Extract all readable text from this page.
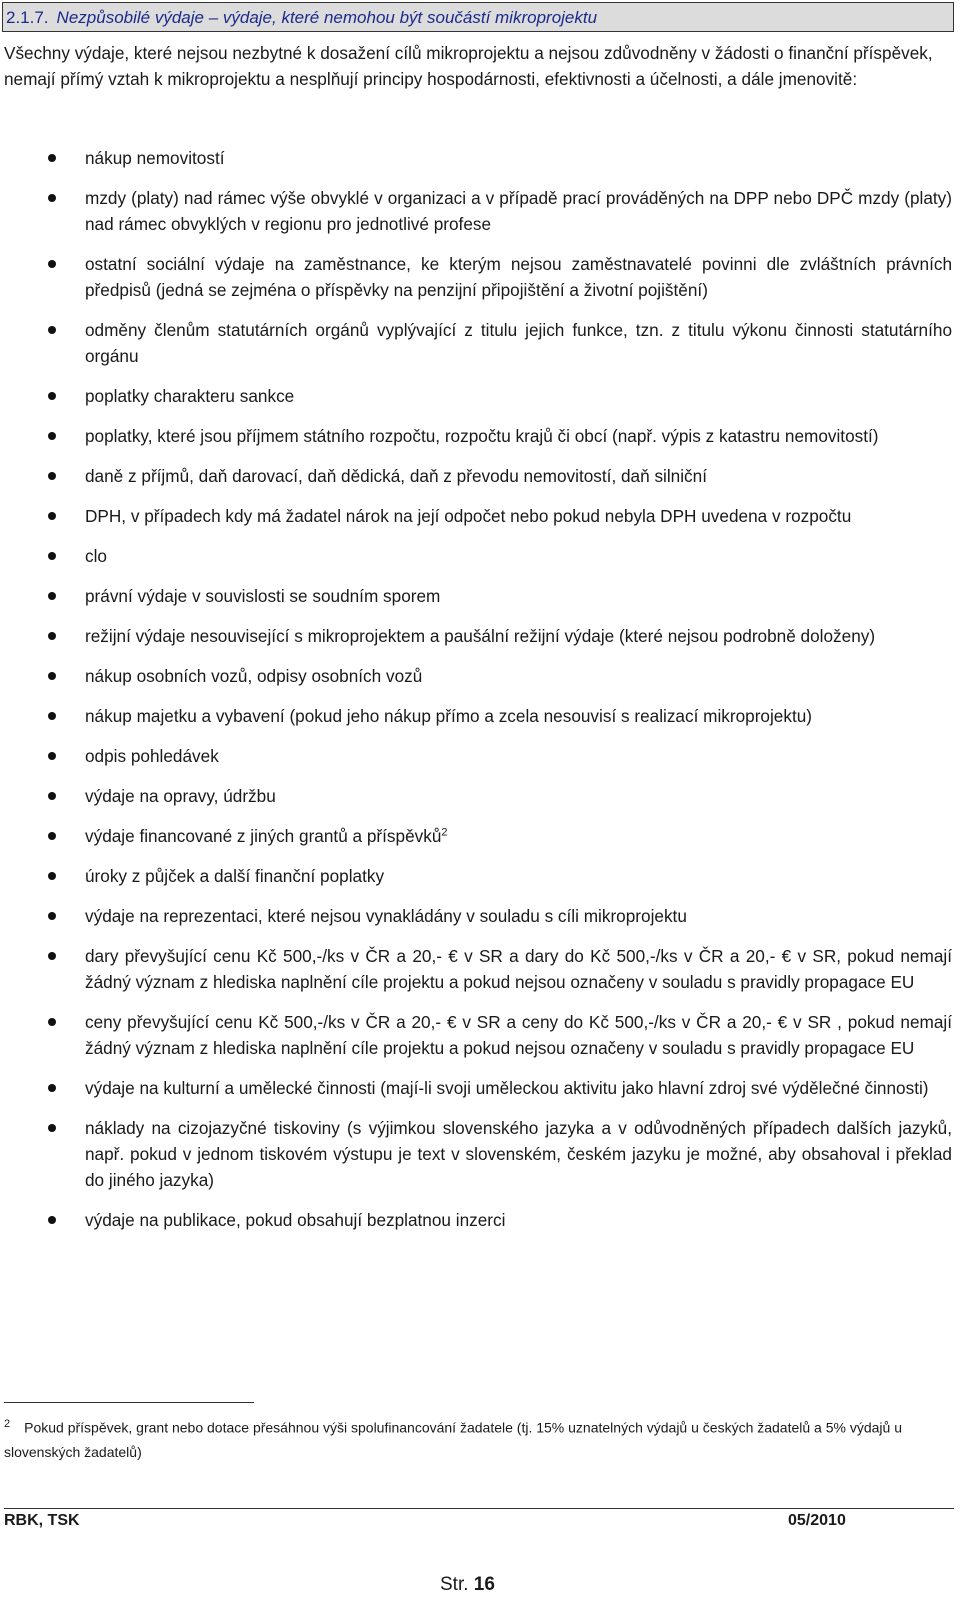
2.1.7. Nezpůsobilé výdaje – výdaje, které nemohou být součástí mikroprojektu

Všechny výdaje, které nejsou nezbytné k dosažení cílů mikroprojektu a nejsou zdůvodněny v žádosti o finanční příspěvek, nemají přímý vztah k mikroprojektu a nesplňují principy hospodárnosti, efektivnosti a účelnosti, a dále jmenovitě:

nákup nemovitostí
mzdy (platy) nad rámec výše obvyklé v organizaci a v případě prací prováděných na DPP nebo DPČ mzdy (platy) nad rámec obvyklých v regionu pro jednotlivé profese
ostatní sociální výdaje na zaměstnance, ke kterým nejsou zaměstnavatelé povinni dle zvláštních právních předpisů (jedná se zejména o příspěvky na penzijní připojištění a životní pojištění)
odměny členům statutárních orgánů vyplývající z titulu jejich funkce, tzn. z titulu výkonu činnosti statutárního orgánu
poplatky charakteru sankce
poplatky, které jsou příjmem státního rozpočtu, rozpočtu krajů či obcí (např. výpis z katastru nemovitostí)
daně z příjmů, daň darovací, daň dědická, daň z převodu nemovitostí, daň silniční
DPH, v případech kdy má žadatel nárok na její odpočet nebo pokud nebyla DPH uvedena v rozpočtu
clo
právní výdaje v souvislosti se soudním sporem
režijní výdaje nesouvisející s mikroprojektem a paušální režijní výdaje (které nejsou podrobně doloženy)
nákup osobních vozů, odpisy osobních vozů
nákup majetku a vybavení (pokud jeho nákup přímo a zcela nesouvisí s realizací mikroprojektu)
odpis pohledávek
výdaje na opravy, údržbu
výdaje financované z jiných grantů a příspěvků$^2$
úroky z půjček a další finanční poplatky
výdaje na reprezentaci, které nejsou vynakládány v souladu s cíli mikroprojektu
dary převyšující cenu Kč 500,-/ks v ČR a 20,- € v SR a dary do Kč 500,-/ks v ČR a 20,- € v SR, pokud nemají žádný význam z hlediska naplnění cíle projektu a pokud nejsou označeny v souladu s pravidly propagace EU
ceny převyšující cenu Kč 500,-/ks v ČR a 20,- € v SR a ceny do Kč 500,-/ks v ČR a 20,- € v SR , pokud nemají žádný význam z hlediska naplnění cíle projektu a pokud nejsou označeny v souladu s pravidly propagace EU
výdaje na kulturní a umělecké činnosti (mají-li svoji uměleckou aktivitu jako hlavní zdroj své výdělečné činnosti)
náklady na cizojazyčné tiskoviny (s výjimkou slovenského jazyka a v odůvodněných případech dalších jazyků, např. pokud v jednom tiskovém výstupu je text v slovenském, českém jazyku je možné, aby obsahoval i překlad do jiného jazyka)
výdaje na publikace, pokud obsahují bezplatnou inzerci

$^2$ Pokud příspěvek, grant nebo dotace přesáhnou výši spolufinancování žadatele (tj. 15% uznatelných výdajů u českých žadatelů a 5% výdajů u slovenských žadatelů)

RBK, TSK	05/2010
Str. 16
